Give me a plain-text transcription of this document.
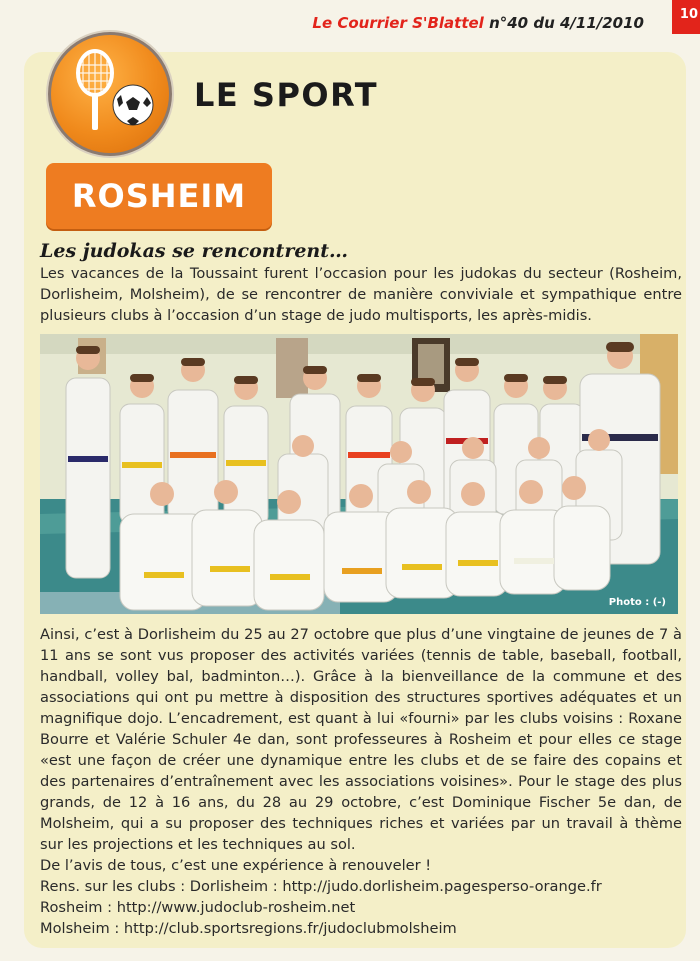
Le Courrier S'Blattel n°40 du 4/11/2010	10
LE SPORT
ROSHEIM
Les judokas se rencontrent…
Les vacances de la Toussaint furent l’occasion pour les judokas du secteur (Rosheim, Dorlisheim, Molsheim), de se rencontrer de manière conviviale et sympathique entre plusieurs clubs à l’occasion d’un stage de judo multisports, les après-midis.
Photo : (-)
Ainsi, c’est à Dorlisheim du 25 au 27 octobre que plus d’une vingtaine de jeunes de 7 à 11 ans se sont vus proposer des activités variées (tennis de table, baseball, football, handball, volley bal, badminton…). Grâce à la bienveillance de la commune et des associations qui ont pu mettre à disposition des structures sportives adéquates et un magnifique dojo. L’encadrement, est quant à lui «fourni» par les clubs voisins : Roxane Bourre et Valérie Schuler 4e dan, sont professeures à Rosheim et pour elles ce stage «est une façon de créer une dynamique entre les clubs et de se faire des copains et des partenaires d’entraînement avec les associations voisines». Pour le stage des plus grands, de 12 à 16 ans, du 28 au 29 octobre, c’est Dominique Fischer 5e dan, de Molsheim, qui a su proposer des techniques riches et variées par un travail à thème sur les projections et les techniques au sol.
De l’avis de tous, c’est une expérience à renouveler !
Rens. sur les clubs : Dorlisheim : http://judo.dorlisheim.pagesperso-orange.fr
Rosheim : http://www.judoclub-rosheim.net
Molsheim : http://club.sportsregions.fr/judoclubmolsheim
